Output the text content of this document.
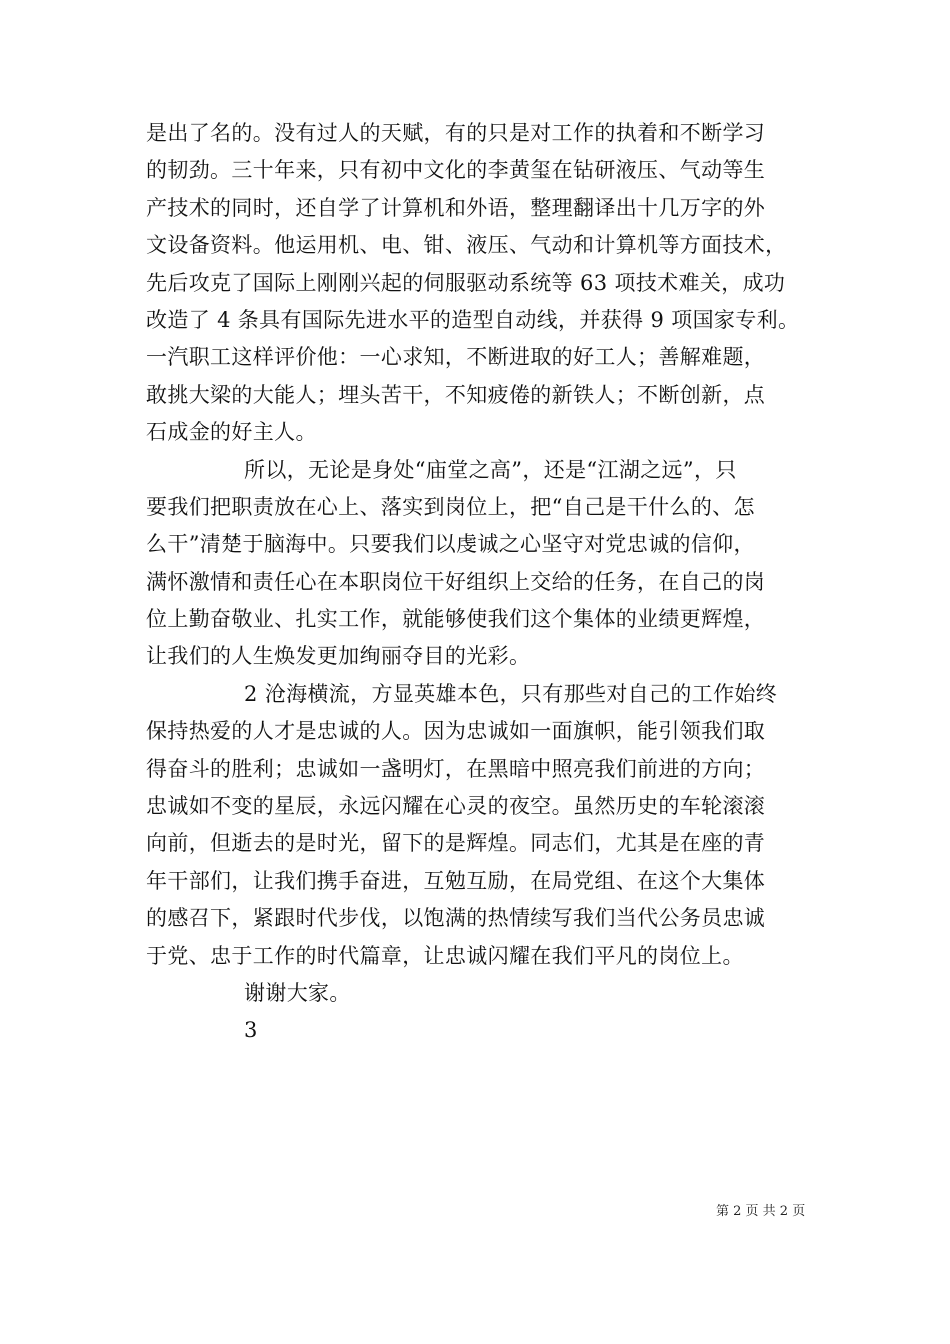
是出了名的。没有过人的天赋，有的只是对工作的执着和不断学习
的韧劲。三十年来，只有初中文化的李黄玺在钻研液压、气动等生
产技术的同时，还自学了计算机和外语，整理翻译出十几万字的外
文设备资料。他运用机、电、钳、液压、气动和计算机等方面技术，
先后攻克了国际上刚刚兴起的伺服驱动系统等 63 项技术难关，成功
改造了 4 条具有国际先进水平的造型自动线，并获得 9 项国家专利。
一汽职工这样评价他：一心求知，不断进取的好工人；善解难题，
敢挑大梁的大能人；埋头苦干，不知疲倦的新铁人；不断创新，点
石成金的好主人。
所以，无论是身处“庙堂之高”，还是“江湖之远”，只
要我们把职责放在心上、落实到岗位上，把“自己是干什么的、怎
么干”清楚于脑海中。只要我们以虔诚之心坚守对党忠诚的信仰，
满怀激情和责任心在本职岗位干好组织上交给的任务，在自己的岗
位上勤奋敬业、扎实工作，就能够使我们这个集体的业绩更辉煌，
让我们的人生焕发更加绚丽夺目的光彩。
2 沧海横流，方显英雄本色，只有那些对自己的工作始终
保持热爱的人才是忠诚的人。因为忠诚如一面旗帜，能引领我们取
得奋斗的胜利；忠诚如一盏明灯，在黑暗中照亮我们前进的方向；
忠诚如不变的星辰，永远闪耀在心灵的夜空。虽然历史的车轮滚滚
向前，但逝去的是时光，留下的是辉煌。同志们，尤其是在座的青
年干部们，让我们携手奋进，互勉互励，在局党组、在这个大集体
的感召下，紧跟时代步伐，以饱满的热情续写我们当代公务员忠诚
于党、忠于工作的时代篇章，让忠诚闪耀在我们平凡的岗位上。
谢谢大家。
3
第 2 页 共 2 页
